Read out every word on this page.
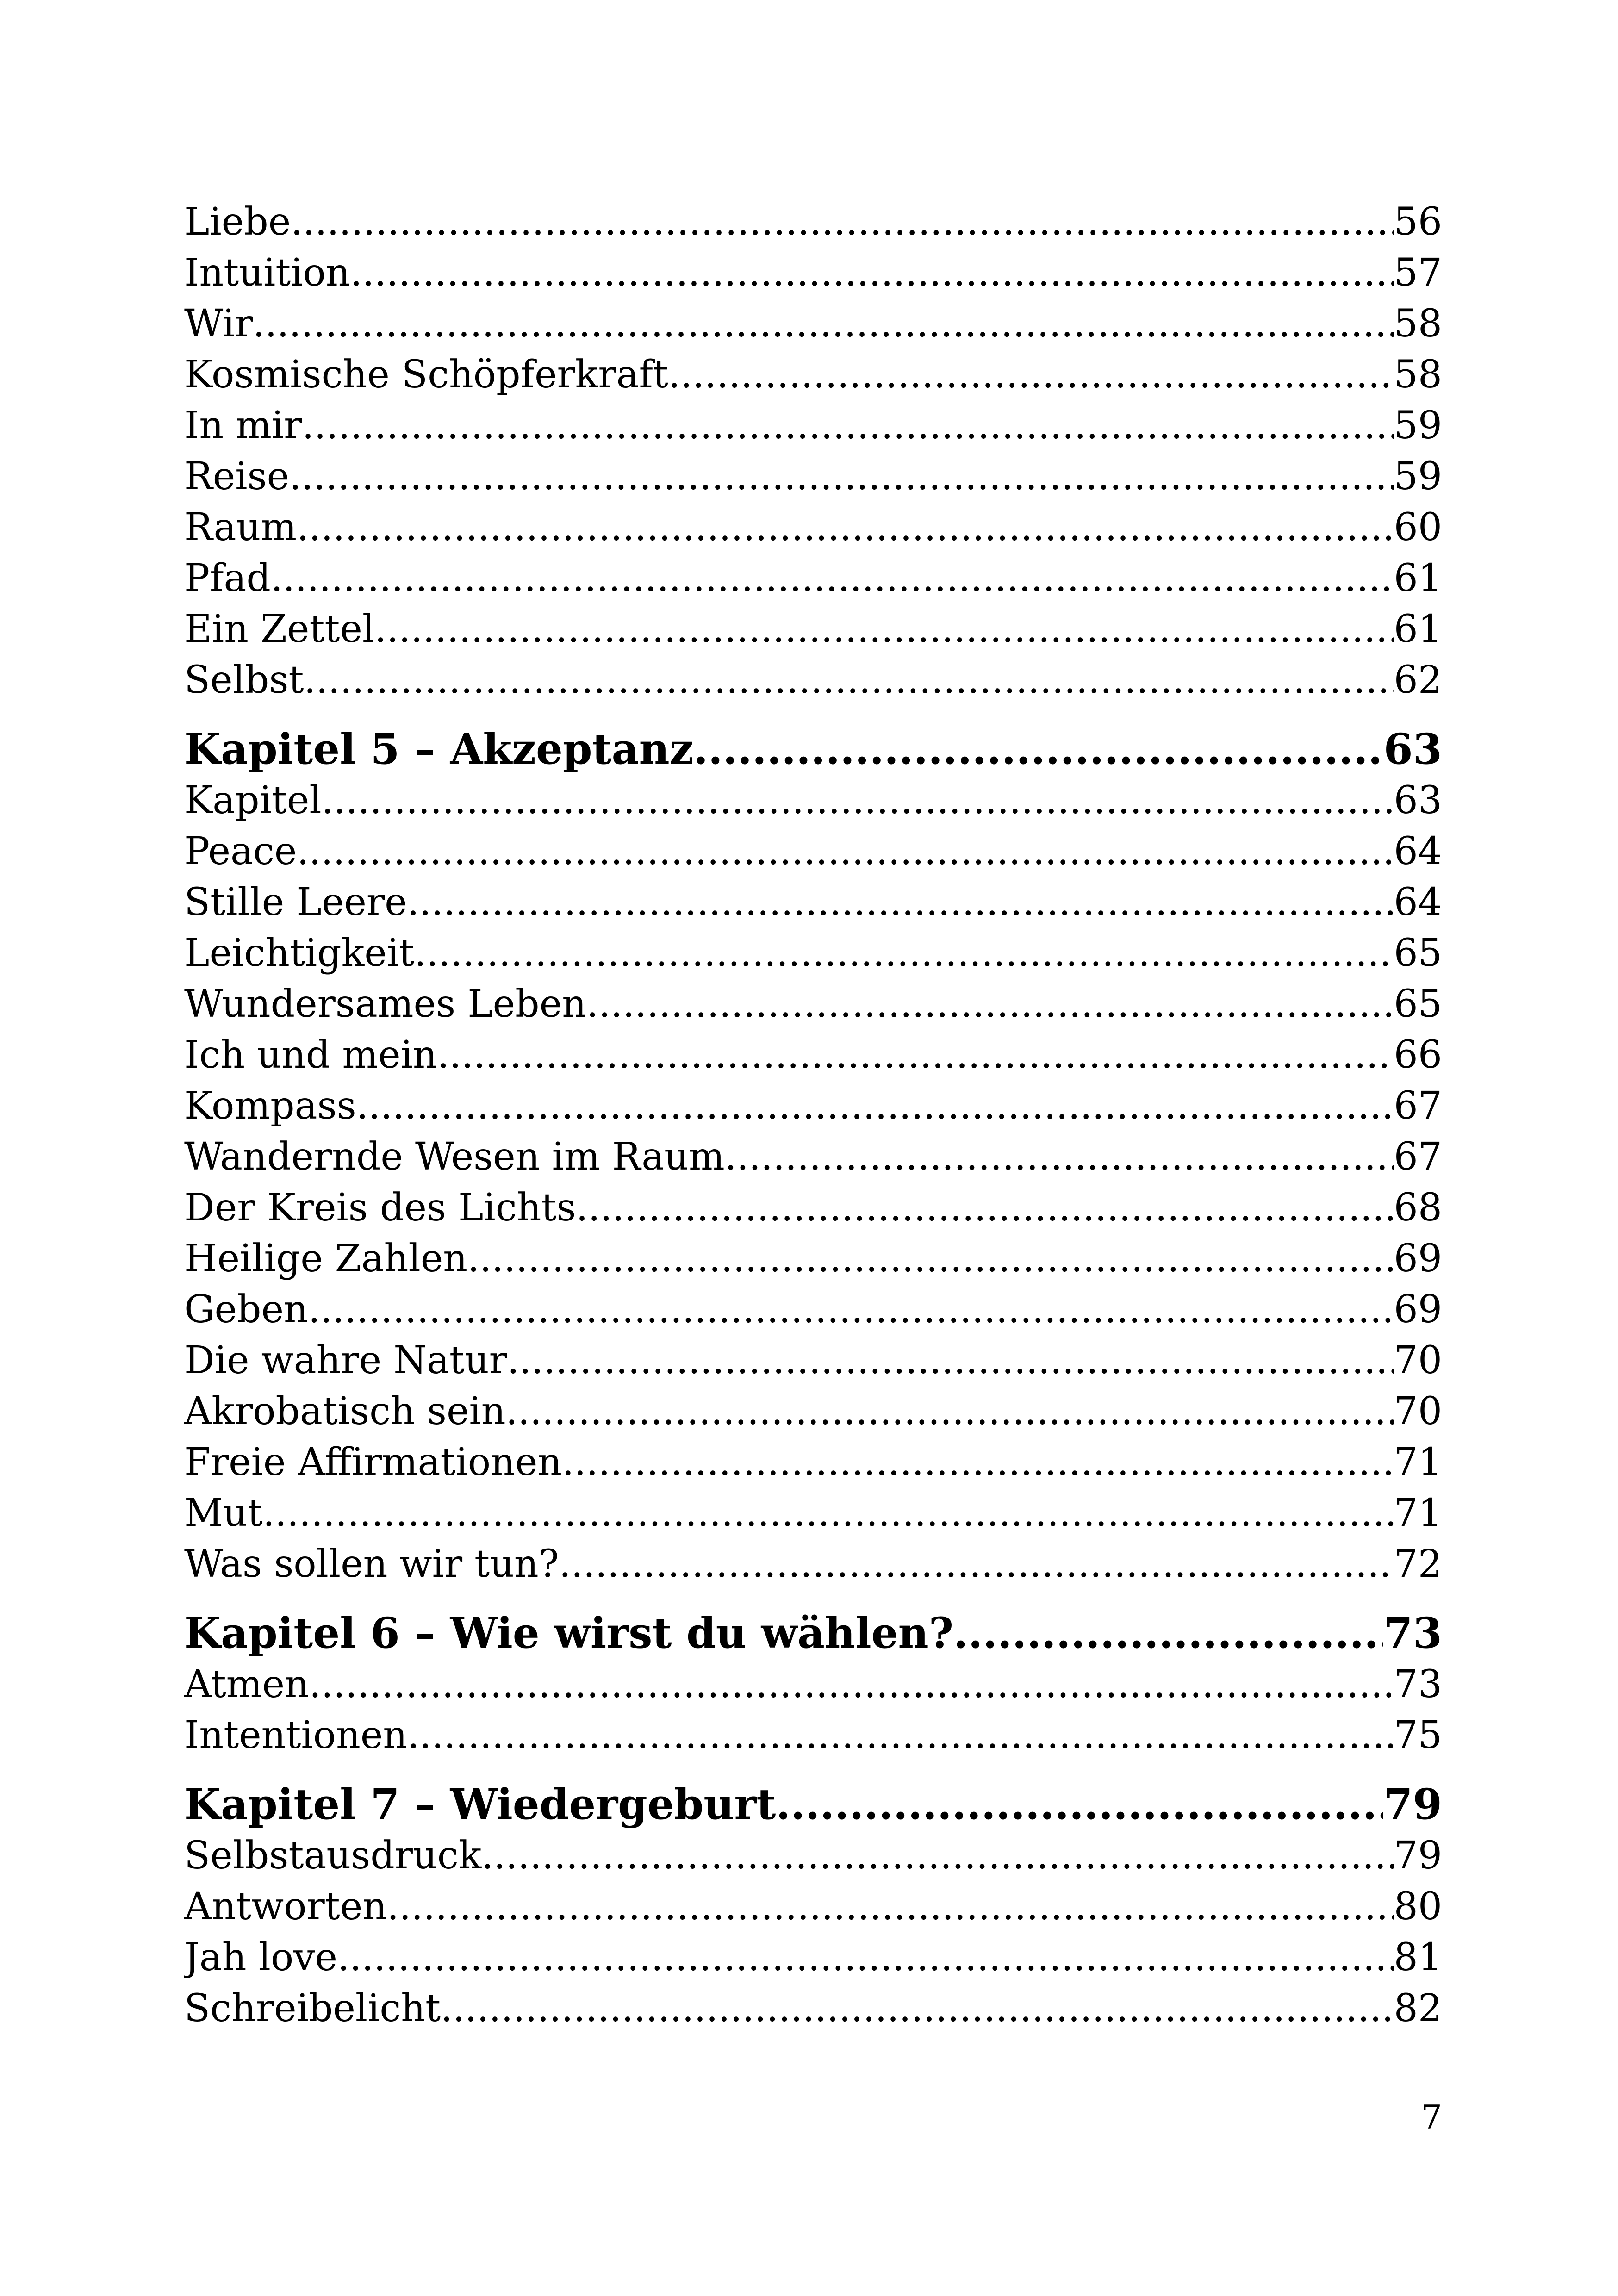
Liebe .....	56
Intuition .....	57
Wir .....	58
Kosmische Schöpferkraft .....	58
In mir .....	59
Reise .....	59
Raum .....	60
Pfad .....	61
Ein Zettel .....	61
Selbst .....	62
Kapitel 5 – Akzeptanz .....	63
Kapitel .....	63
Peace .....	64
Stille Leere .....	64
Leichtigkeit .....	65
Wundersames Leben .....	65
Ich und mein .....	66
Kompass .....	67
Wandernde Wesen im Raum .....	67
Der Kreis des Lichts .....	68
Heilige Zahlen .....	69
Geben .....	69
Die wahre Natur .....	70
Akrobatisch sein .....	70
Freie Affirmationen .....	71
Mut .....	71
Was sollen wir tun? .....	72
Kapitel 6 – Wie wirst du wählen? .....	73
Atmen .....	73
Intentionen .....	75
Kapitel 7 – Wiedergeburt .....	79
Selbstausdruck .....	79
Antworten .....	80
Jah love .....	81
Schreibelicht .....	82
7
